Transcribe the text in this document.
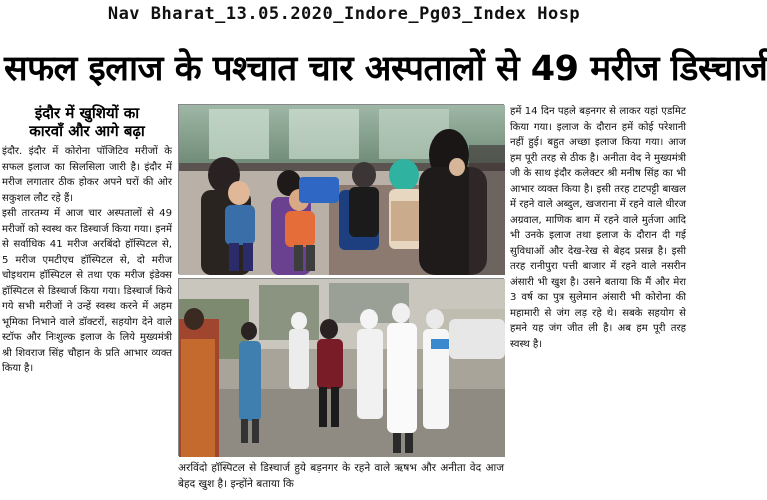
Nav Bharat_13.05.2020_Indore_Pg03_Index Hosp
सफल इलाज के पश्चात चार अस्पतालों से 49 मरीज डिस्चार्ज
इंदौर में खुशियों का
कारवाँ और आगे बढ़ा

इंदौर. इंदौर में कोरोना पॉजिटिव मरीजों के सफल इलाज का सिलसिला जारी है। इंदौर में मरीज लगातार ठीक होकर अपने घरों की ओर सकुशल लौट रहे हैं।

इसी तारतम्य में आज चार अस्पतालों से 49 मरीजों को स्वस्थ कर डिस्चार्ज किया गया। इनमें से सर्वाधिक 41 मरीज अरबिंदो हॉस्पिटल से, 5 मरीज एमटीएच हॉस्पिटल से, दो मरीज चोइथराम हॉस्पिटल से तथा एक मरीज इंडेक्स हॉस्पिटल से डिस्चार्ज किया गया। डिस्चार्ज किये गये सभी मरीजों ने उन्हें स्वस्थ करने में अहम भूमिका निभाने वाले डॉक्टरों, सहयोग देने वाले स्टॉफ और निःशुल्क इलाज के लिये मुख्यमंत्री श्री शिवराज सिंह चौहान के प्रति आभार व्यक्त किया है।

अरविंदो हॉस्पिटल से डिस्चार्ज हुये बड़नगर के रहने वाले ऋषभ और अनीता वेद आज बेहद खुश है। इन्होंने बताया कि

हमें 14 दिन पहले बड़नगर से लाकर यहां एडमिट किया गया। इलाज के दौरान हमें कोई परेशानी नहीं हुई। बहुत अच्छा इलाज किया गया। आज हम पूरी तरह से ठीक है। अनीता वेद ने मुख्यमंत्री जी के साथ इंदौर कलेक्टर श्री मनीष सिंह का भी आभार व्यक्त किया है। इसी तरह टाटपट्टी बाखल में रहने वाले अब्दुल, खजराना में रहने वाले धीरज अग्रवाल, माणिक बाग में रहने वाले मुर्तजा आदि भी उनके इलाज तथा इलाज के दौरान दी गई सुविधाओं और देख-रेख से बेहद प्रसन्न है। इसी तरह रानीपुरा पत्ती बाजार में रहने वाले नसरीन अंसारी भी खुश है। उसने बताया कि मैं और मेरा 3 वर्ष का पुत्र सुलेमान अंसारी भी कोरोना की महामारी से जंग लड़ रहे थे। सबके सहयोग से हमने यह जंग जीत ली है। अब हम पूरी तरह स्वस्थ है।
